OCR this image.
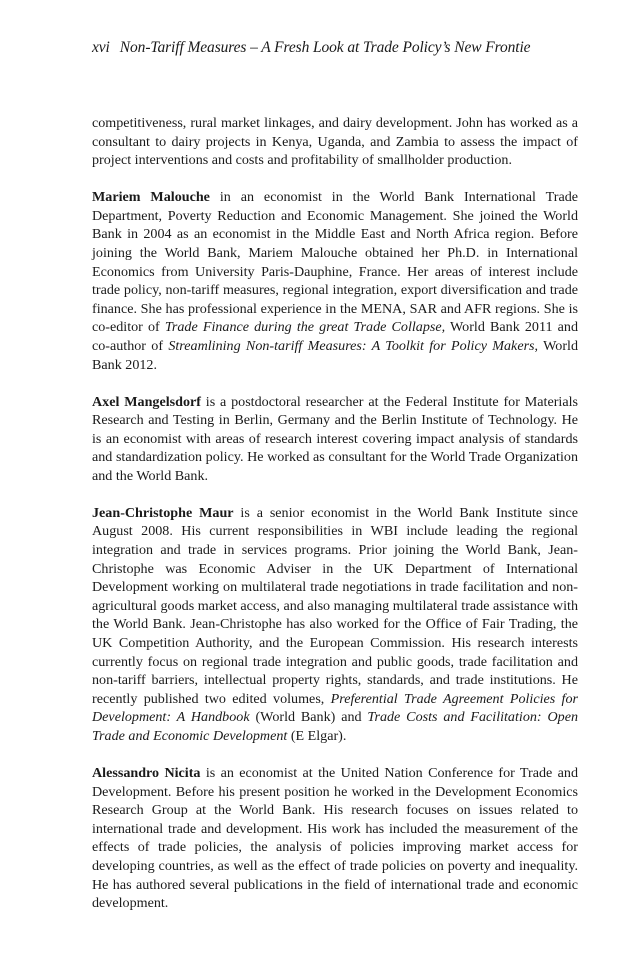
xvi Non-Tariff Measures – A Fresh Look at Trade Policy’s New Frontie

competitiveness, rural market linkages, and dairy development. John has worked as a consultant to dairy projects in Kenya, Uganda, and Zambia to assess the impact of project interventions and costs and profitability of smallholder production.

Mariem Malouche in an economist in the World Bank International Trade Department, Poverty Reduction and Economic Management. She joined the World Bank in 2004 as an economist in the Middle East and North Africa region. Before joining the World Bank, Mariem Malouche obtained her Ph.D. in International Economics from University Paris-Dauphine, France. Her areas of interest include trade policy, non-tariff measures, regional integration, export diversification and trade finance. She has professional experience in the MENA, SAR and AFR regions. She is co-editor of Trade Finance during the great Trade Collapse, World Bank 2011 and co-author of Streamlining Non-tariff Measures: A Toolkit for Policy Makers, World Bank 2012.

Axel Mangelsdorf is a postdoctoral researcher at the Federal Institute for Materials Research and Testing in Berlin, Germany and the Berlin Institute of Technology. He is an economist with areas of research interest covering impact analysis of standards and standardization policy. He worked as consultant for the World Trade Organization and the World Bank.

Jean-Christophe Maur is a senior economist in the World Bank Institute since August 2008. His current responsibilities in WBI include leading the regional integration and trade in services programs. Prior joining the World Bank, Jean-Christophe was Economic Adviser in the UK Department of International Development working on multilateral trade negotiations in trade facilitation and non-agricultural goods market access, and also managing multilateral trade assistance with the World Bank. Jean-Christophe has also worked for the Office of Fair Trading, the UK Competition Authority, and the European Commission. His research interests currently focus on regional trade integration and public goods, trade facilitation and non-tariff barriers, intellectual property rights, standards, and trade institutions. He recently published two edited volumes, Preferential Trade Agreement Policies for Development: A Handbook (World Bank) and Trade Costs and Facilitation: Open Trade and Economic Development (E Elgar).

Alessandro Nicita is an economist at the United Nation Conference for Trade and Development. Before his present position he worked in the Development Economics Research Group at the World Bank. His research focuses on issues related to international trade and development. His work has included the measurement of the effects of trade policies, the analysis of policies improving market access for developing countries, as well as the effect of trade policies on poverty and inequality. He has authored several publications in the field of international trade and economic development.
